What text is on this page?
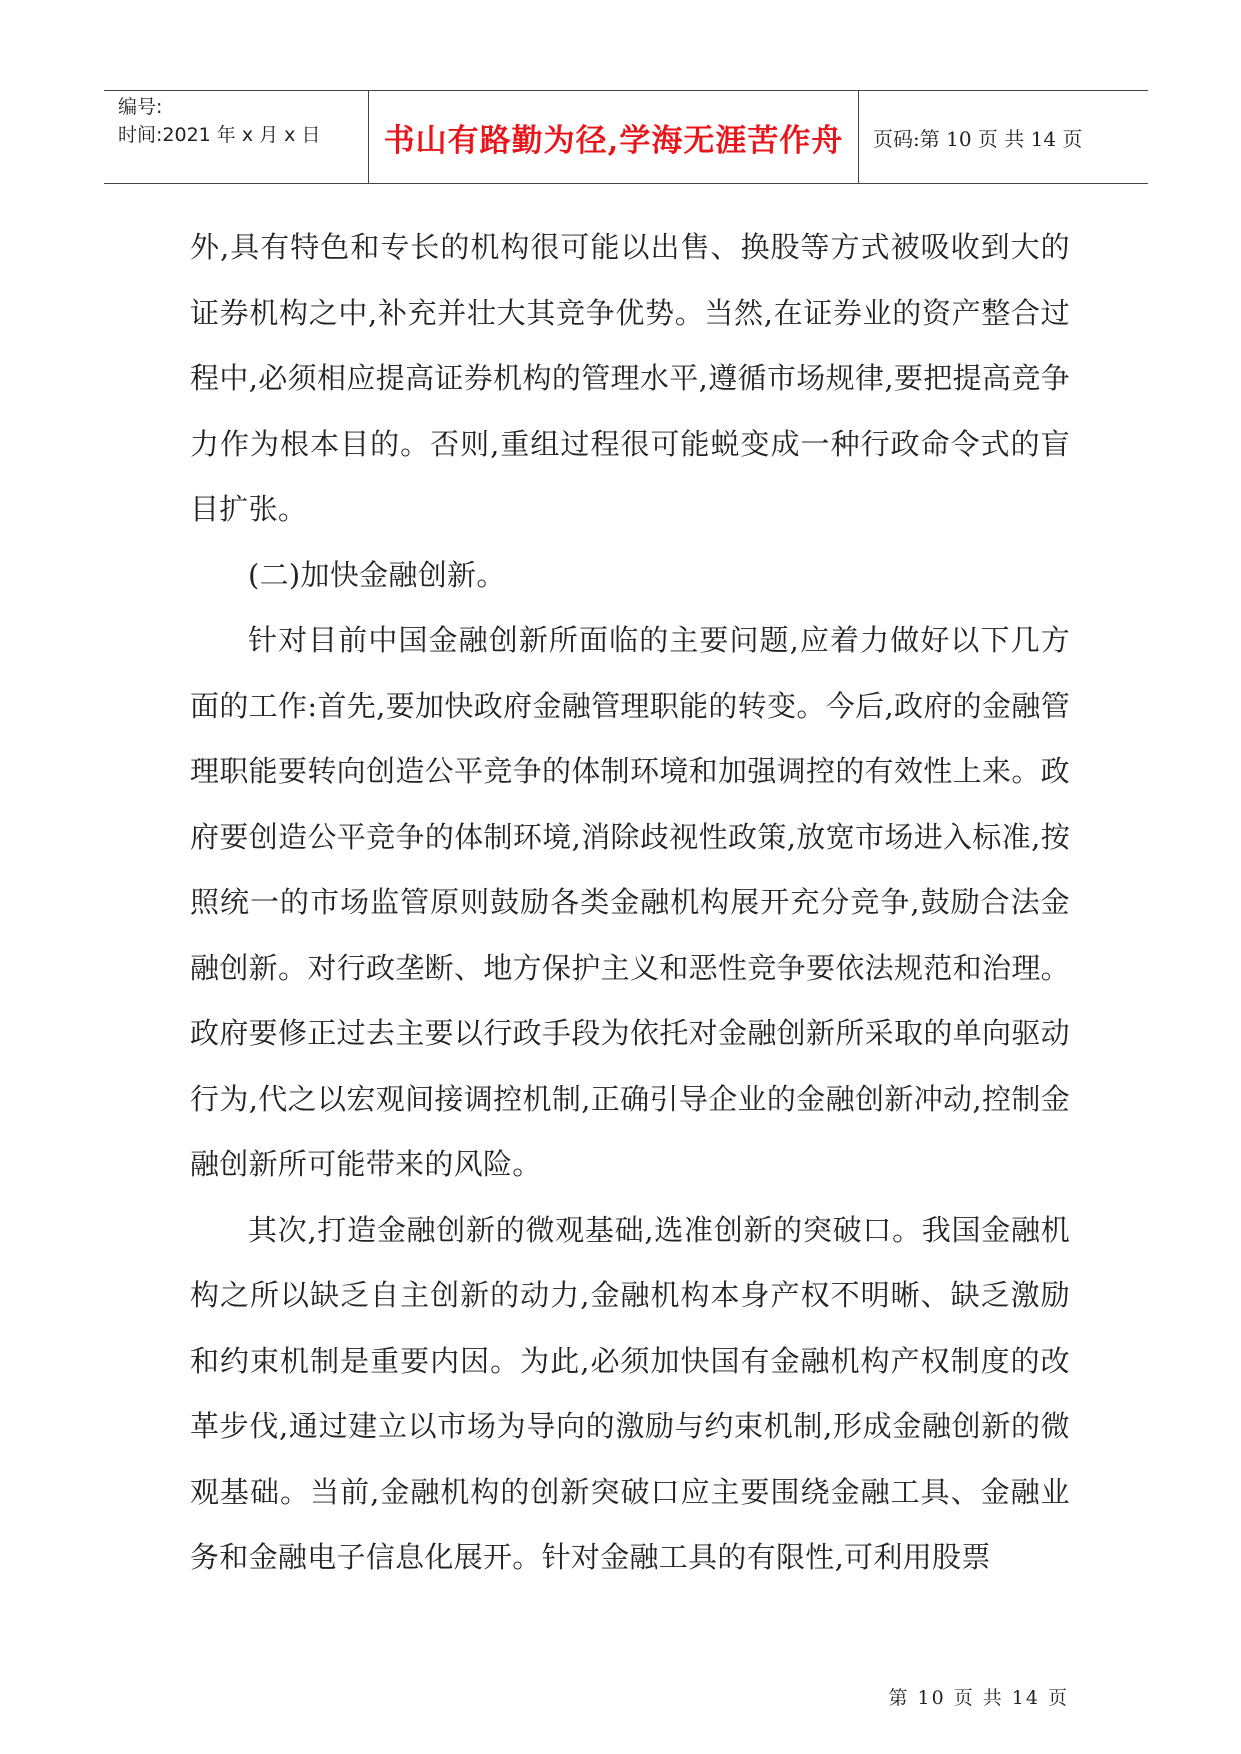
编号:
时间:2021 年 x 月 x 日	书山有路勤为径,学海无涯苦作舟	页码:第 10 页 共 14 页

外,具有特色和专长的机构很可能以出售、换股等方式被吸收到大的证券机构之中,补充并壮大其竞争优势。当然,在证券业的资产整合过程中,必须相应提高证券机构的管理水平,遵循市场规律,要把提高竞争力作为根本目的。否则,重组过程很可能蜕变成一种行政命令式的盲目扩张。

(二)加快金融创新。

针对目前中国金融创新所面临的主要问题,应着力做好以下几方面的工作:首先,要加快政府金融管理职能的转变。今后,政府的金融管理职能要转向创造公平竞争的体制环境和加强调控的有效性上来。政府要创造公平竞争的体制环境,消除歧视性政策,放宽市场进入标准,按照统一的市场监管原则鼓励各类金融机构展开充分竞争,鼓励合法金融创新。对行政垄断、地方保护主义和恶性竞争要依法规范和治理。政府要修正过去主要以行政手段为依托对金融创新所采取的单向驱动行为,代之以宏观间接调控机制,正确引导企业的金融创新冲动,控制金融创新所可能带来的风险。

其次,打造金融创新的微观基础,选准创新的突破口。我国金融机构之所以缺乏自主创新的动力,金融机构本身产权不明晰、缺乏激励和约束机制是重要内因。为此,必须加快国有金融机构产权制度的改革步伐,通过建立以市场为导向的激励与约束机制,形成金融创新的微观基础。当前,金融机构的创新突破口应主要围绕金融工具、金融业务和金融电子信息化展开。针对金融工具的有限性,可利用股票

第 10 页 共 14 页
